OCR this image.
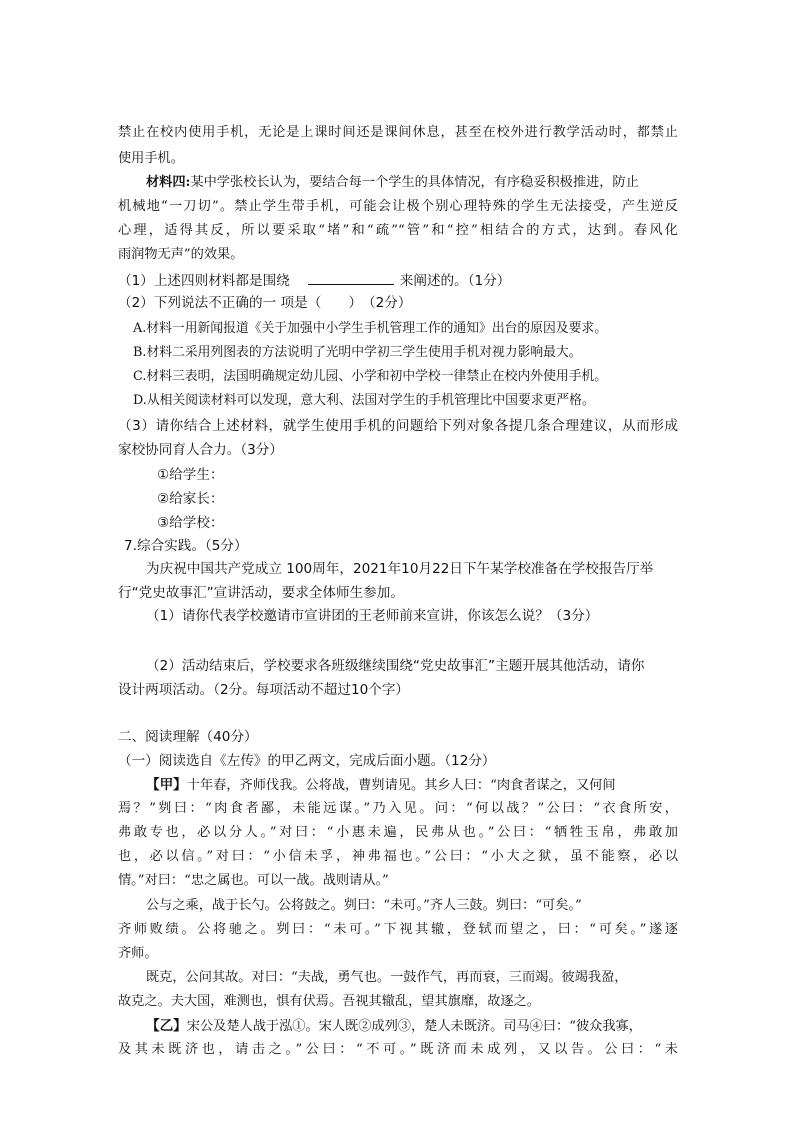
禁止在校内使用手机，无论是上课时间还是课间休息，甚至在校外进行教学活动时，都禁止
使用手机。
材料四:某中学张校长认为，要结合每一个学生的具体情况，有序稳妥积极推进，防止
机械地“一刀切”。禁止学生带手机，可能会让极个别心理特殊的学生无法接受，产生逆反
心理，适得其反，所以要采取“堵”和“疏”“管”和“控”相结合的方式，达到。春风化
雨润物无声”的效果。
（1）上述四则材料都是围绕	来阐述的。（1分）
（2）下列说法不正确的一 项是（　　）　（2分）
A.材料一用新闻报道《关于加强中小学生手机管理工作的通知》出台的原因及要求。
B.材料二采用列图表的方法说明了光明中学初三学生使用手机对视力影响最大。
C.材料三表明，法国明确规定幼儿园、小学和初中学校一律禁止在校内外使用手机。
D.从相关阅读材料可以发现，意大利、法国对学生的手机管理比中国要求更严格。
（3）请你结合上述材料，就学生使用手机的问题给下列对象各提几条合理建议，从而形成
家校协同育人合力。（3分）
①给学生：
②给家长：
③给学校：
7.综合实践。（5分）
为庆祝中国共产党成立 100周年，2021年10月22日下午某学校准备在学校报告厅举
行“党史故事汇”宣讲活动，要求全体师生参加。
（1）请你代表学校邀请市宣讲团的王老师前来宣讲，你该怎么说？（3分）
（2）活动结束后，学校要求各班级继续围绕“党史故事汇”主题开展其他活动，请你
设计两项活动。（2分。每项活动不超过10个字）
二、阅读理解（40分）
（一）阅读选自《左传》的甲乙两文，完成后面小题。（12分）
【甲】十年春，齐师伐我。公将战，曹刿请见。其乡人曰：“肉食者谋之，又何间
焉？”刿曰：“肉食者鄙，未能远谋。”乃入见。问：“何以战？”公曰：“衣食所安，
弗敢专也，必以分人。”对曰：“小惠未遍，民弗从也。”公曰：“牺牲玉帛，弗敢加
也，必以信。”对曰：“小信未孚，神弗福也。”公曰：“小大之狱，虽不能察，必以
情。”对曰：“忠之属也。可以一战。战则请从。”
公与之乘，战于长勺。公将鼓之。刿曰：“未可。”齐人三鼓。刿曰：“可矣。”
齐师败绩。公将驰之。刿曰：“未可。”下视其辙，登轼而望之，曰：“可矣。”遂逐
齐师。
既克，公问其故。对曰：“夫战，勇气也。一鼓作气，再而衰，三而竭。彼竭我盈，
故克之。夫大国，难测也，惧有伏焉。吾视其辙乱，望其旗靡，故逐之。
【乙】宋公及楚人战于泓①。宋人既②成列③，楚人未既济。司马④曰：“彼众我寡，
及其未既济也，请击之。”公曰：“不可。”既济而未成列，又以告。公曰：“未
